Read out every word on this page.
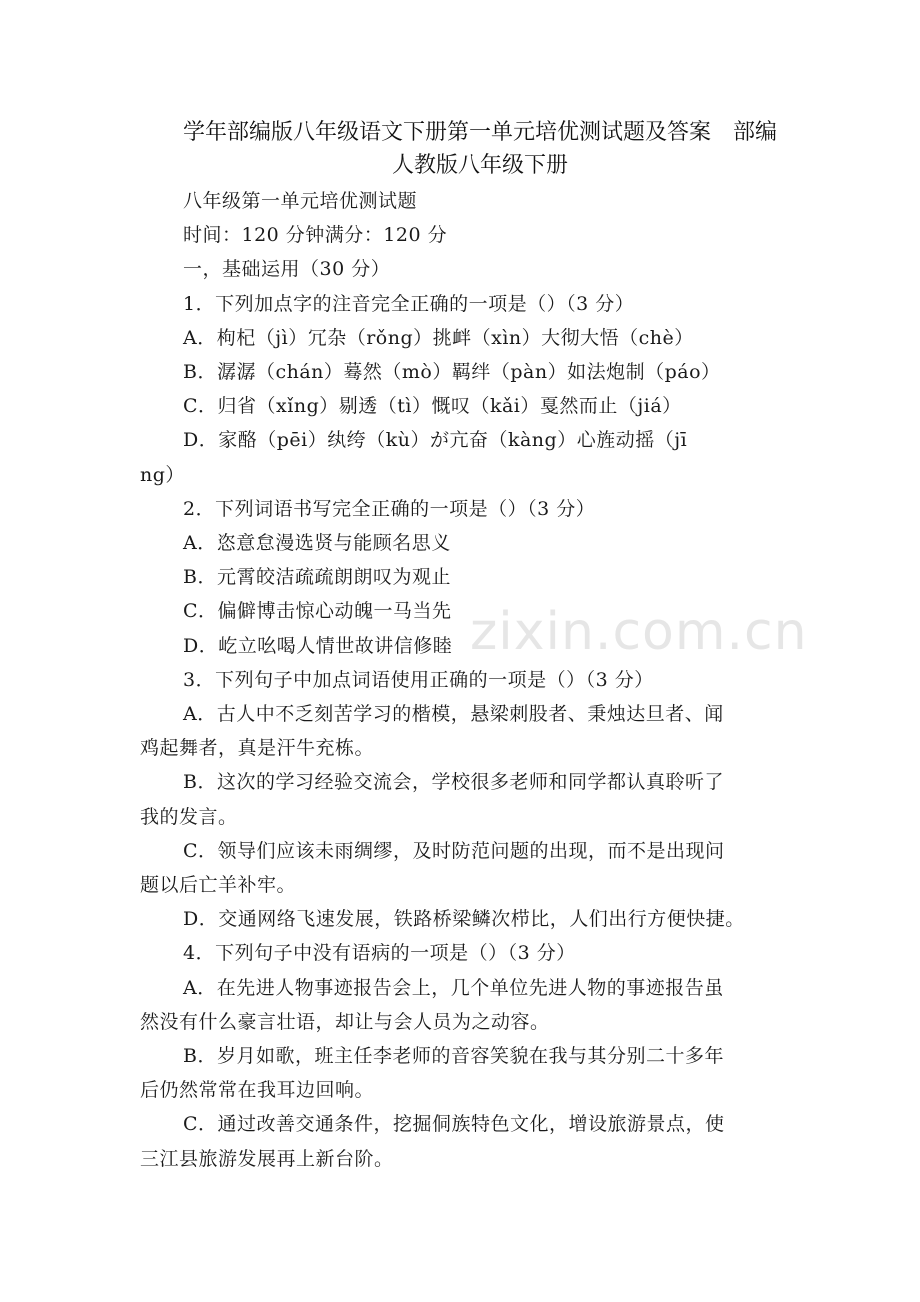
学年部编版八年级语文下册第一单元培优测试题及答案　部编
人教版八年级下册
八年级第一单元培优测试题
时间：120 分钟满分：120 分
一，基础运用（30 分）
1．下列加点字的注音完全正确的一项是（）（3 分）
A．枸杞（jì）冗杂（rǒng）挑衅（xìn）大彻大悟（chè）
B．潺潺（chán）蓦然（mò）羁绊（pàn）如法炮制（páo）
C．归省（xǐng）剔透（tì）慨叹（kǎi）戛然而止（jiá）
D．家酪（pēi）纨绔（kù）が亢奋（kàng）心旌动摇（jī
ng）
2．下列词语书写完全正确的一项是（）（3 分）
A．恣意怠漫选贤与能顾名思义
B．元霄皎洁疏疏朗朗叹为观止
C．偏僻博击惊心动魄一马当先
D．屹立吆喝人情世故讲信修睦
3．下列句子中加点词语使用正确的一项是（）（3 分）
A．古人中不乏刻苦学习的楷模，悬梁刺股者、秉烛达旦者、闻
鸡起舞者，真是汗牛充栋。
B．这次的学习经验交流会，学校很多老师和同学都认真聆听了
我的发言。
C．领导们应该未雨绸缪，及时防范问题的出现，而不是出现问
题以后亡羊补牢。
D．交通网络飞速发展，铁路桥梁鳞次栉比，人们出行方便快捷。
4．下列句子中没有语病的一项是（）（3 分）
A．在先进人物事迹报告会上，几个单位先进人物的事迹报告虽
然没有什么豪言壮语，却让与会人员为之动容。
B．岁月如歌，班主任李老师的音容笑貌在我与其分别二十多年
后仍然常常在我耳边回响。
C．通过改善交通条件，挖掘侗族特色文化，增设旅游景点，使
三江县旅游发展再上新台阶。
zixin.com.cn
